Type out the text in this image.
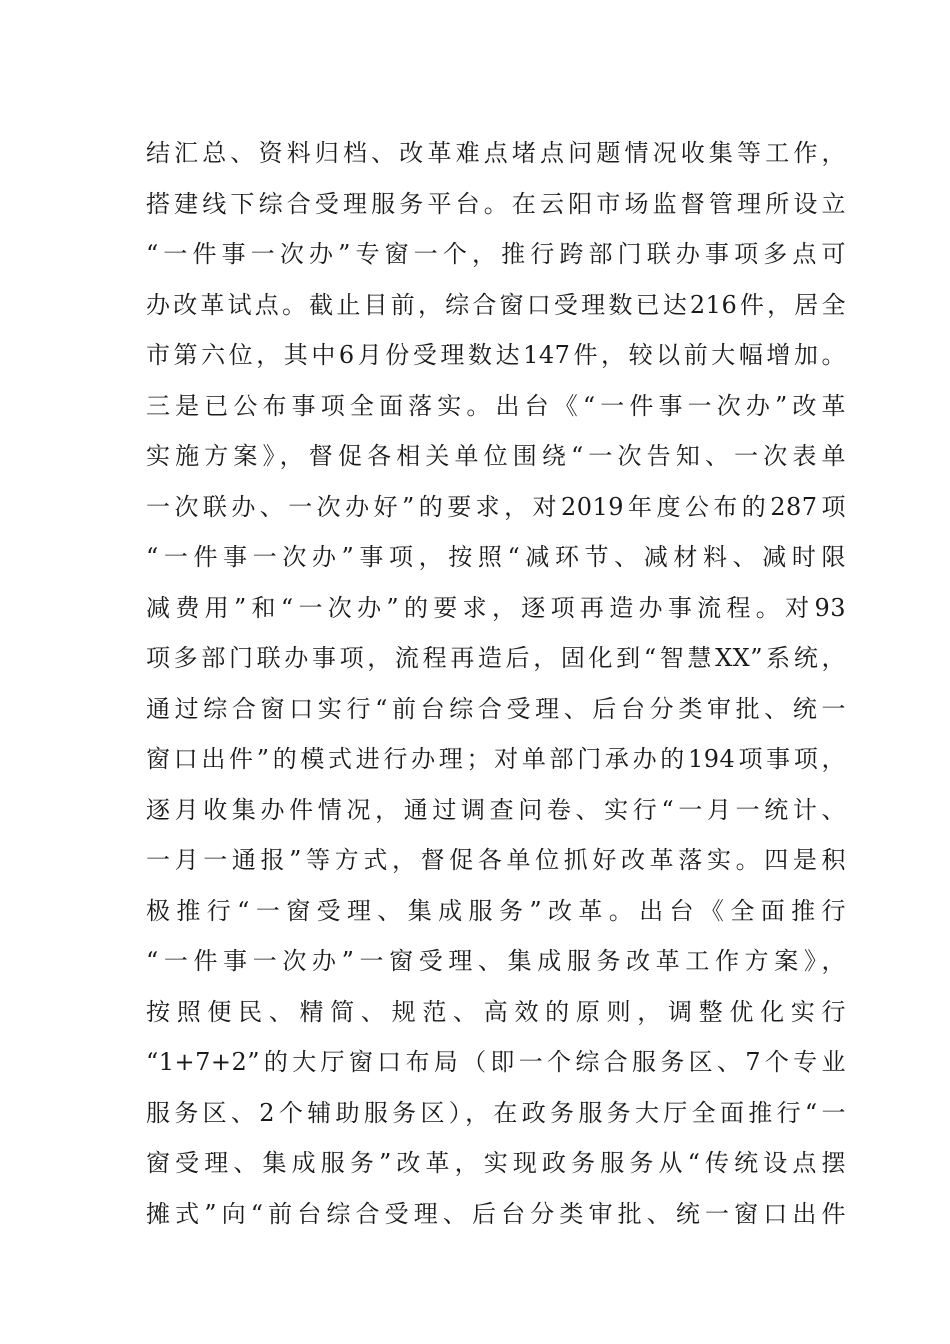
结汇总、资料归档、改革难点堵点问题情况收集等工作，
搭建线下综合受理服务平台。在云阳市场监督管理所设立
“一件事一次办”专窗一个，推行跨部门联办事项多点可
办改革试点。截止目前，综合窗口受理数已达216件，居全
市第六位，其中6月份受理数达147件，较以前大幅增加。
三是已公布事项全面落实。出台《“一件事一次办”改革
实施方案》，督促各相关单位围绕“一次告知、一次表单
一次联办、一次办好”的要求，对2019年度公布的287项
“一件事一次办”事项，按照“减环节、减材料、减时限
减费用”和“一次办”的要求，逐项再造办事流程。对93
项多部门联办事项，流程再造后，固化到“智慧XX”系统，
通过综合窗口实行“前台综合受理、后台分类审批、统一
窗口出件”的模式进行办理；对单部门承办的194项事项，
逐月收集办件情况，通过调查问卷、实行“一月一统计、
一月一通报”等方式，督促各单位抓好改革落实。四是积
极推行“一窗受理、集成服务”改革。出台《全面推行
“一件事一次办”一窗受理、集成服务改革工作方案》，
按照便民、精简、规范、高效的原则，调整优化实行
“1+7+2”的大厅窗口布局（即一个综合服务区、7个专业
服务区、2个辅助服务区），在政务服务大厅全面推行“一
窗受理、集成服务”改革，实现政务服务从“传统设点摆
摊式”向“前台综合受理、后台分类审批、统一窗口出件
